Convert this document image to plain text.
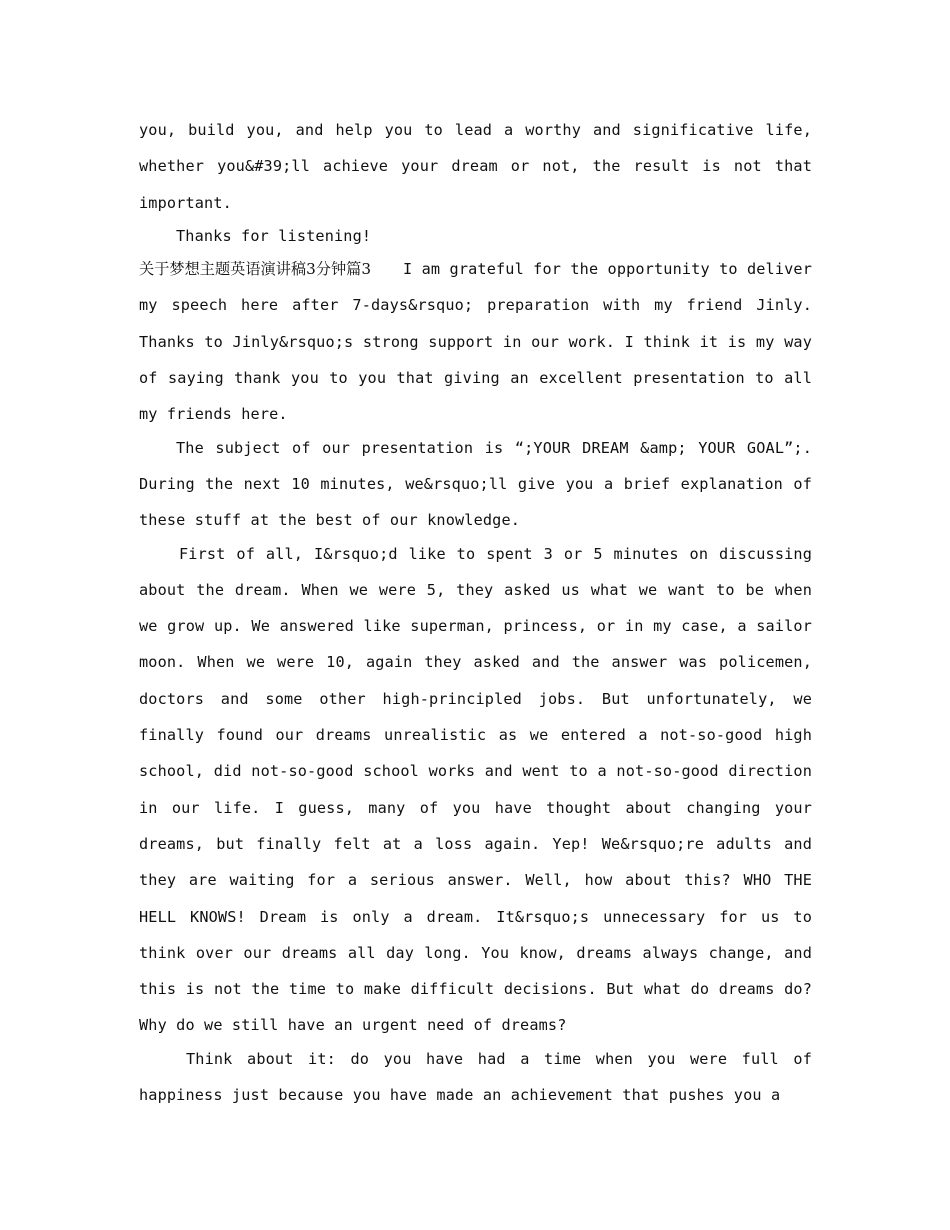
you, build you, and help you to lead a worthy and significative life, whether you&#39;ll achieve your dream or not, the result is not that important.

Thanks for listening!

关于梦想主题英语演讲稿3分钟篇3 I am grateful for the opportunity to deliver my speech here after 7-days&rsquo; preparation with my friend Jinly. Thanks to Jinly&rsquo;s strong support in our work. I think it is my way of saying thank you to you that giving an excellent presentation to all my friends here.

The subject of our presentation is “;YOUR DREAM &amp; YOUR GOAL”;. During the next 10 minutes, we&rsquo;ll give you a brief explanation of these stuff at the best of our knowledge.

First of all, I&rsquo;d like to spent 3 or 5 minutes on discussing about the dream. When we were 5, they asked us what we want to be when we grow up. We answered like superman, princess, or in my case, a sailor moon. When we were 10, again they asked and the answer was policemen, doctors and some other high-principled jobs. But unfortunately, we finally found our dreams unrealistic as we entered a not-so-good high school, did not-so-good school works and went to a not-so-good direction in our life. I guess, many of you have thought about changing your dreams, but finally felt at a loss again. Yep! We&rsquo;re adults and they are waiting for a serious answer. Well, how about this? WHO THE HELL KNOWS! Dream is only a dream. It&rsquo;s unnecessary for us to think over our dreams all day long. You know, dreams always change, and this is not the time to make difficult decisions. But what do dreams do? Why do we still have an urgent need of dreams?

Think about it: do you have had a time when you were full of happiness just because you have made an achievement that pushes you a
